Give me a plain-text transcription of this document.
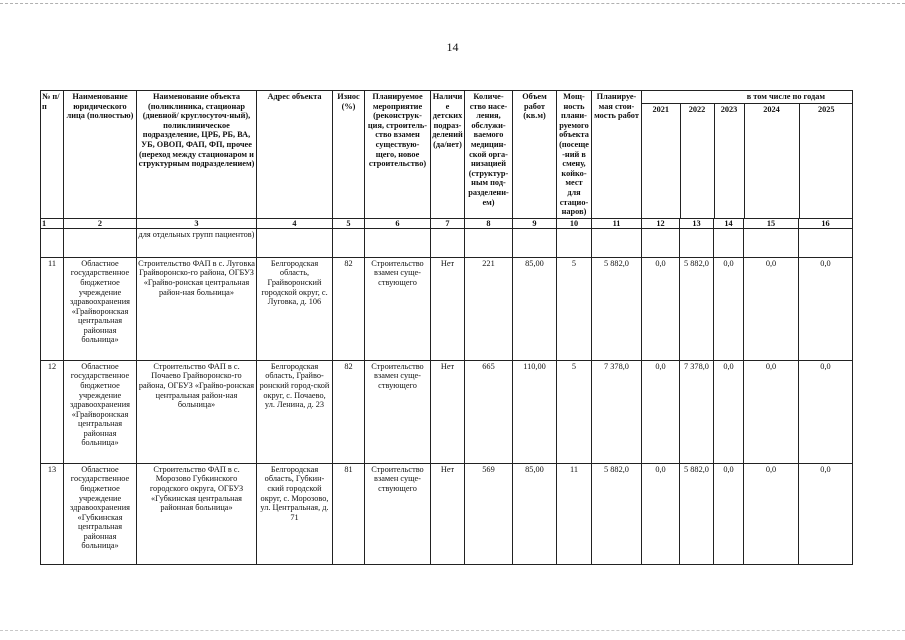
14
№ п/п	Наименование юридического лица (полностью)	Наименование объекта (поликлиника, стационар (дневной/ круглосуточ-ный), поликлиническое подразделение, ЦРБ, РБ, ВА, УБ, ОВОП, ФАП, ФП, прочее (переход между стационаром и структурным подразделением)	Адрес объекта	Износ (%)	Планируемое мероприятие (реконструк-ция, строитель-ство взамен существую-щего, новое строительство)	Наличие детских подраз-делений (да/нет)	Количе-ство насе-ления, обслужи-ваемого медицин-ской орга-низацией (структур-ным под-разделени-ем)	Объем работ (кв.м)	Мощ-ность плани-руемого объекта (посеще-ний в смену, койко-мест для стацио-наров)	Планируе-мая стои-мость работ	
в том числе по годам
2021	2022	2023	2024	2025

1	2	3	4	5	6	7	8	9	10	11	12	13	14	15	16
		для отдельных групп пациентов)													
11	Областное государственное бюджетное учреждение здравоохранения «Грайворонская центральная районная больница»	Строительство ФАП в с. Луговка Грайворонско-го района, ОГБУЗ «Грайво-ронская центральная район-ная больница»	Белгородская область, Грайворонский городской округ, с. Луговка, д. 106	82	Строительство взамен суще-ствующего	Нет	221	85,00	5	5 882,0	0,0	5 882,0	0,0	0,0	0,0
12	Областное государственное бюджетное учреждение здравоохранения «Грайворонская центральная районная больница»	Строительство ФАП в с. Почаево Грайворонско-го района, ОГБУЗ «Грайво-ронская центральная район-ная больница»	Белгородская область, Грайво-ронский город-ской округ, с. Почаево, ул. Ленина, д. 23	82	Строительство взамен суще-ствующего	Нет	665	110,00	5	7 378,0	0,0	7 378,0	0,0	0,0	0,0
13	Областное государственное бюджетное учреждение здравоохранения «Губкинская центральная районная больница»	Строительство ФАП в с. Морозово Губкинского городского округа, ОГБУЗ «Губкинская центральная районная больница»	Белгородская область, Губкин-ский городской округ, с. Морозово, ул. Центральная, д. 71	81	Строительство взамен суще-ствующего	Нет	569	85,00	11	5 882,0	0,0	5 882,0	0,0	0,0	0,0
